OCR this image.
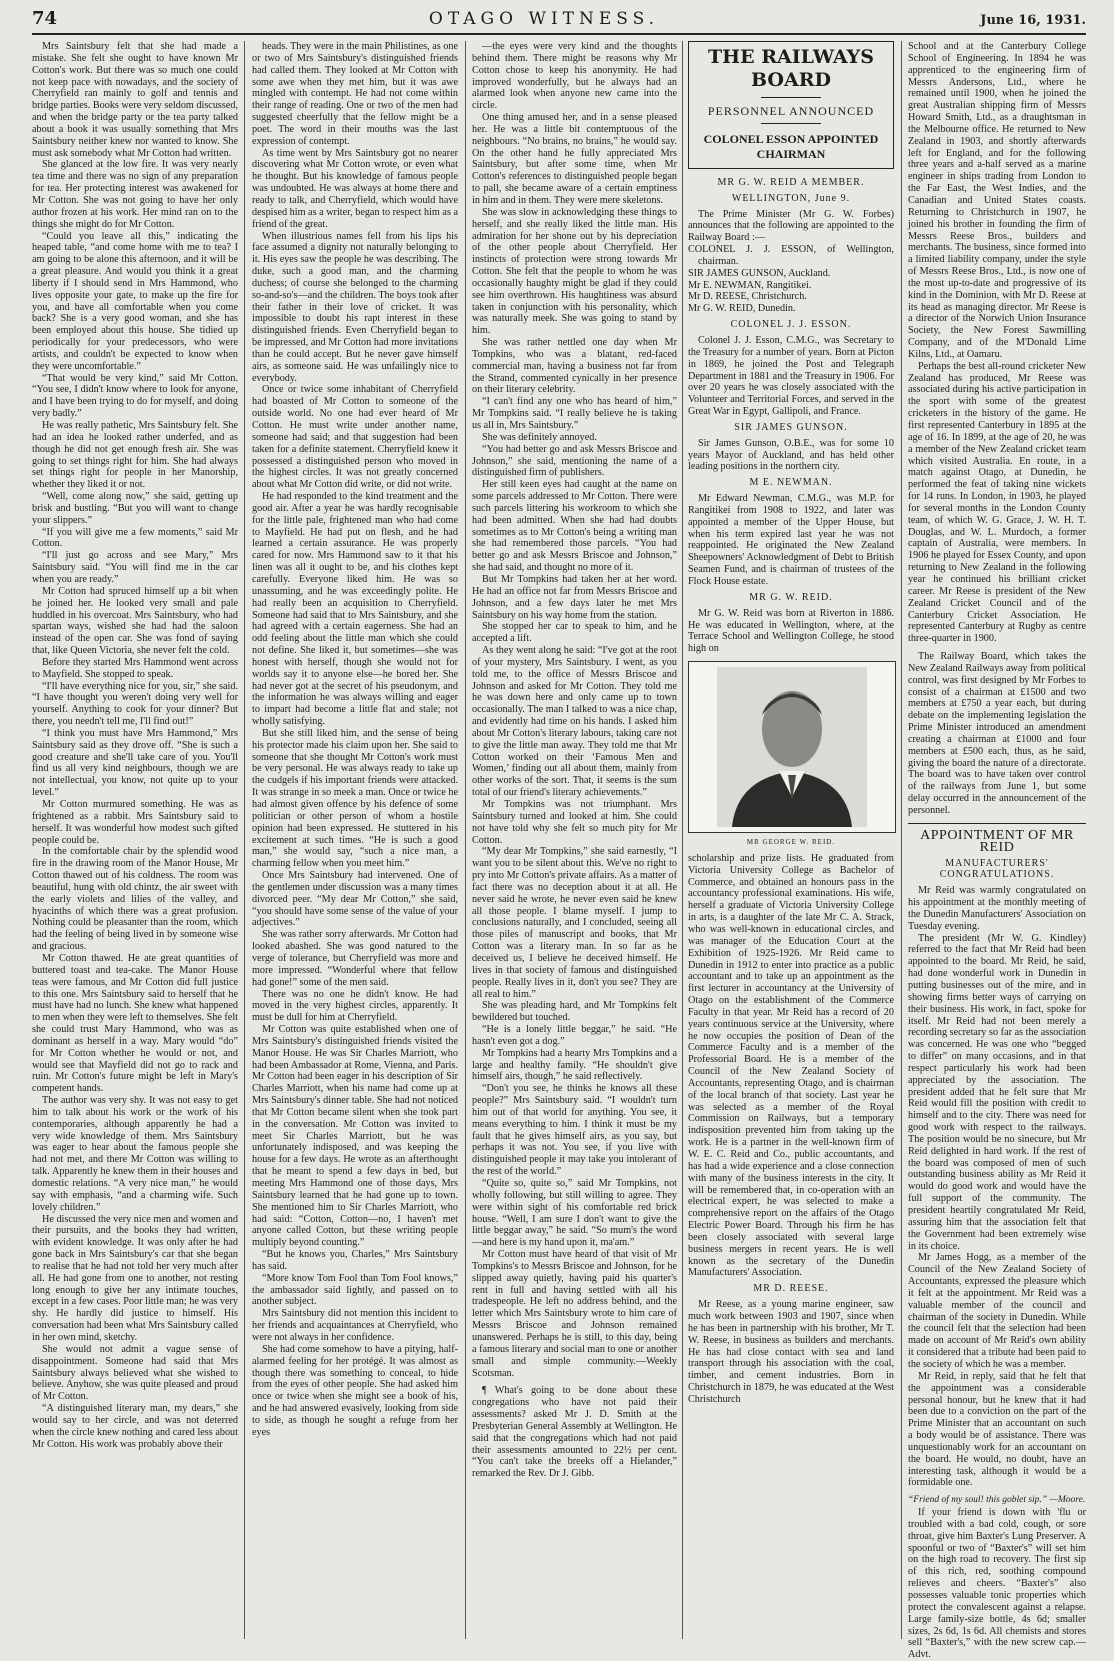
74	OTAGO WITNESS.	June 16, 1931.

Mrs Saintsbury felt that she had made a mistake. She felt she ought to have known Mr Cotton's work. But there was so much one could not keep pace with nowadays, and the society of Cherryfield ran mainly to golf and tennis and bridge parties. Books were very seldom discussed, and when the bridge party or the tea party talked about a book it was usually something that Mrs Saintsbury neither knew nor wanted to know. She must ask somebody what Mr Cotton had written.

She glanced at the low fire. It was very nearly tea time and there was no sign of any preparation for tea. Her protecting interest was awakened for Mr Cotton. She was not going to have her only author frozen at his work. Her mind ran on to the things she might do for Mr Cotton.

“Could you leave all this,” indicating the heaped table, “and come home with me to tea? I am going to be alone this afternoon, and it will be a great pleasure. And would you think it a great liberty if I should send in Mrs Hammond, who lives opposite your gate, to make up the fire for you, and have all comfortable when you come back? She is a very good woman, and she has been employed about this house. She tidied up periodically for your predecessors, who were artists, and couldn't be expected to know when they were uncomfortable.”

“That would be very kind,” said Mr Cotton. “You see, I didn't know where to look for anyone, and I have been trying to do for myself, and doing very badly.”

He was really pathetic, Mrs Saintsbury felt. She had an idea he looked rather underfed, and as though he did not get enough fresh air. She was going to set things right for him. She had always set things right for people in her Manorship, whether they liked it or not.

“Well, come along now,” she said, getting up brisk and bustling. “But you will want to change your slippers.”

“If you will give me a few moments,” said Mr Cotton.

“I'll just go across and see Mary,” Mrs Saintsbury said. “You will find me in the car when you are ready.”

Mr Cotton had spruced himself up a bit when he joined her. He looked very small and pale huddled in his overcoat. Mrs Saintsbury, who had spartan ways, wished she had had the saloon instead of the open car. She was fond of saying that, like Queen Victoria, she never felt the cold.

Before they started Mrs Hammond went across to Mayfield. She stopped to speak.

“I'll have everything nice for you, sir,” she said. “I have thought you weren't doing very well for yourself. Anything to cook for your dinner? But there, you needn't tell me, I'll find out!”

“I think you must have Mrs Hammond,” Mrs Saintsbury said as they drove off. “She is such a good creature and she'll take care of you. You'll find us all very kind neighbours, though we are not intellectual, you know, not quite up to your level.”

Mr Cotton murmured something. He was as frightened as a rabbit. Mrs Saintsbury said to herself. It was wonderful how modest such gifted people could be.

In the comfortable chair by the splendid wood fire in the drawing room of the Manor House, Mr Cotton thawed out of his coldness. The room was beautiful, hung with old chintz, the air sweet with the early violets and lilies of the valley, and hyacinths of which there was a great profusion. Nothing could be pleasanter than the room, which had the feeling of being lived in by someone wise and gracious.

Mr Cotton thawed. He ate great quantities of buttered toast and tea-cake. The Manor House teas were famous, and Mr Cotton did full justice to this one. Mrs Saintsbury said to herself that he must have had no lunch. She knew what happened to men when they were left to themselves. She felt she could trust Mary Hammond, who was as dominant as herself in a way. Mary would “do” for Mr Cotton whether he would or not, and would see that Mayfield did not go to rack and ruin. Mr Cotton's future might be left in Mary's competent hands.

The author was very shy. It was not easy to get him to talk about his work or the work of his contemporaries, although apparently he had a very wide knowledge of them. Mrs Saintsbury was eager to hear about the famous people she had not met, and there Mr Cotton was willing to talk. Apparently he knew them in their houses and domestic relations. “A very nice man,” he would say with emphasis, “and a charming wife. Such lovely children.”

He discussed the very nice men and women and their pursuits, and the books they had written, with evident knowledge. It was only after he had gone back in Mrs Saintsbury's car that she began to realise that he had not told her very much after all. He had gone from one to another, not resting long enough to give her any intimate touches, except in a few cases. Poor little man; he was very shy. He hardly did justice to himself. His conversation had been what Mrs Saintsbury called in her own mind, sketchy.

She would not admit a vague sense of disappointment. Someone had said that Mrs Saintsbury always believed what she wished to believe. Anyhow, she was quite pleased and proud of Mr Cotton.

“A distinguished literary man, my dears,” she would say to her circle, and was not deterred when the circle knew nothing and cared less about Mr Cotton. His work was probably above their

heads. They were in the main Philistines, as one or two of Mrs Saintsbury's distinguished friends had called them. They looked at Mr Cotton with some awe when they met him, but it was awe mingled with contempt. He had not come within their range of reading. One or two of the men had suggested cheerfully that the fellow might be a poet. The word in their mouths was the last expression of contempt.

As time went by Mrs Saintsbury got no nearer discovering what Mr Cotton wrote, or even what he thought. But his knowledge of famous people was undoubted. He was always at home there and ready to talk, and Cherryfield, which would have despised him as a writer, began to respect him as a friend of the great.

When illustrious names fell from his lips his face assumed a dignity not naturally belonging to it. His eyes saw the people he was describing. The duke, such a good man, and the charming duchess; of course she belonged to the charming so-and-so's—and the children. The boys took after their father in their love of cricket. It was impossible to doubt his rapt interest in these distinguished friends. Even Cherryfield began to be impressed, and Mr Cotton had more invitations than he could accept. But he never gave himself airs, as someone said. He was unfailingly nice to everybody.

Once or twice some inhabitant of Cherryfield had boasted of Mr Cotton to someone of the outside world. No one had ever heard of Mr Cotton. He must write under another name, someone had said; and that suggestion had been taken for a definite statement. Cherryfield knew it possessed a distinguished person who moved in the highest circles. It was not greatly concerned about what Mr Cotton did write, or did not write.

He had responded to the kind treatment and the good air. After a year he was hardly recognisable for the little pale, frightened man who had come to Mayfield. He had put on flesh, and he had learned a certain assurance. He was properly cared for now. Mrs Hammond saw to it that his linen was all it ought to be, and his clothes kept carefully. Everyone liked him. He was so unassuming, and he was exceedingly polite. He had really been an acquisition to Cherryfield. Someone had said that to Mrs Saintsbury, and she had agreed with a certain eagerness. She had an odd feeling about the little man which she could not define. She liked it, but sometimes—she was honest with herself, though she would not for worlds say it to anyone else—he bored her. She had never got at the secret of his pseudonym, and the information he was always willing and eager to impart had become a little flat and stale; not wholly satisfying.

But she still liked him, and the sense of being his protector made his claim upon her. She said to someone that she thought Mr Cotton's work must be very personal. He was always ready to take up the cudgels if his important friends were attacked. It was strange in so meek a man. Once or twice he had almost given offence by his defence of some politician or other person of whom a hostile opinion had been expressed. He stuttered in his excitement at such times. “He is such a good man,” she would say, “such a nice man, a charming fellow when you meet him.”

Once Mrs Saintsbury had intervened. One of the gentlemen under discussion was a many times divorced peer. “My dear Mr Cotton,” she said, “you should have some sense of the value of your adjectives.”

She was rather sorry afterwards. Mr Cotton had looked abashed. She was good natured to the verge of tolerance, but Cherryfield was more and more impressed. “Wonderful where that fellow had gone!” some of the men said.

There was no one he didn't know. He had moved in the very highest circles, apparently. It must be dull for him at Cherryfield.

Mr Cotton was quite established when one of Mrs Saintsbury's distinguished friends visited the Manor House. He was Sir Charles Marriott, who had been Ambassador at Rome, Vienna, and Paris. Mr Cotton had been eager in his description of Sir Charles Marriott, when his name had come up at Mrs Saintsbury's dinner table. She had not noticed that Mr Cotton became silent when she took part in the conversation. Mr Cotton was invited to meet Sir Charles Marriott, but he was unfortunately indisposed, and was keeping the house for a few days. He wrote as an afterthought that he meant to spend a few days in bed, but meeting Mrs Hammond one of those days, Mrs Saintsbury learned that he had gone up to town. She mentioned him to Sir Charles Marriott, who had said: “Cotton, Cotton—no, I haven't met anyone called Cotton, but these writing people multiply beyond counting.”

“But he knows you, Charles,” Mrs Saintsbury has said.

“More know Tom Fool than Tom Fool knows,” the ambassador said lightly, and passed on to another subject.

Mrs Saintsbury did not mention this incident to her friends and acquaintances at Cherryfield, who were not always in her confidence.

She had come somehow to have a pitying, half-alarmed feeling for her protégé. It was almost as though there was something to conceal, to hide from the eyes of other people. She had asked him once or twice when she might see a book of his, and he had answered evasively, looking from side to side, as though he sought a refuge from her eyes

—the eyes were very kind and the thoughts behind them. There might be reasons why Mr Cotton chose to keep his anonymity. He had improved wonderfully, but he always had an alarmed look when anyone new came into the circle.

One thing amused her, and in a sense pleased her. He was a little bit contemptuous of the neighbours. “No brains, no brains,” he would say. On the other hand he fully appreciated Mrs Saintsbury, but after some time, when Mr Cotton's references to distinguished people began to pall, she became aware of a certain emptiness in him and in them. They were mere skeletons.

She was slow in acknowledging these things to herself, and she really liked the little man. His admiration for her shone out by his depreciation of the other people about Cherryfield. Her instincts of protection were strong towards Mr Cotton. She felt that the people to whom he was occasionally haughty might be glad if they could see him overthrown. His haughtiness was absurd taken in conjunction with his personality, which was naturally meek. She was going to stand by him.

She was rather nettled one day when Mr Tompkins, who was a blatant, red-faced commercial man, having a business not far from the Strand, commented cynically in her presence on their literary celebrity.

“I can't find any one who has heard of him,” Mr Tompkins said. “I really believe he is taking us all in, Mrs Saintsbury.”

She was definitely annoyed.

“You had better go and ask Messrs Briscoe and Johnson,” she said, mentioning the name of a distinguished firm of publishers.

Her still keen eyes had caught at the name on some parcels addressed to Mr Cotton. There were such parcels littering his workroom to which she had been admitted. When she had had doubts sometimes as to Mr Cotton's being a writing man she had remembered those parcels. “You had better go and ask Messrs Briscoe and Johnson,” she had said, and thought no more of it.

But Mr Tompkins had taken her at her word. He had an office not far from Messrs Briscoe and Johnson, and a few days later he met Mrs Saintsbury on his way home from the station.

She stopped her car to speak to him, and he accepted a lift.

As they went along he said: “I've got at the root of your mystery, Mrs Saintsbury. I went, as you told me, to the office of Messrs Briscoe and Johnson and asked for Mr Cotton. They told me he was down here and only came up to town occasionally. The man I talked to was a nice chap, and evidently had time on his hands. I asked him about Mr Cotton's literary labours, taking care not to give the little man away. They told me that Mr Cotton worked on their ‘Famous Men and Women,’ finding out all about them, mainly from other works of the sort. That, it seems is the sum total of our friend's literary achievements.”

Mr Tompkins was not triumphant. Mrs Saintsbury turned and looked at him. She could not have told why she felt so much pity for Mr Cotton.

“My dear Mr Tompkins,” she said earnestly, “I want you to be silent about this. We've no right to pry into Mr Cotton's private affairs. As a matter of fact there was no deception about it at all. He never said he wrote, he never even said he knew all those people. I blame myself. I jump to conclusions naturally, and I concluded, seeing all those piles of manuscript and books, that Mr Cotton was a literary man. In so far as he deceived us, I believe he deceived himself. He lives in that society of famous and distinguished people. Really lives in it, don't you see? They are all real to him.”

She was pleading hard, and Mr Tompkins felt bewildered but touched.

“He is a lonely little beggar,” he said. “He hasn't even got a dog.”

Mr Tompkins had a hearty Mrs Tompkins and a large and healthy family. “He shouldn't give himself airs, though,” he said reflectively.

“Don't you see, he thinks he knows all these people?” Mrs Saintsbury said. “I wouldn't turn him out of that world for anything. You see, it means everything to him. I think it must be my fault that he gives himself airs, as you say, but perhaps it was not. You see, if you live with distinguished people it may take you intolerant of the rest of the world.”

“Quite so, quite so,” said Mr Tompkins, not wholly following, but still willing to agree. They were within sight of his comfortable red brick house. “Well, I am sure I don't want to give the little beggar away,” he said. “So mum's the word—and here is my hand upon it, ma'am.”

Mr Cotton must have heard of that visit of Mr Tompkins's to Messrs Briscoe and Johnson, for he slipped away quietly, having paid his quarter's rent in full and having settled with all his tradespeople. He left no address behind, and the letter which Mrs Saintsbury wrote to him care of Messrs Briscoe and Johnson remained unanswered. Perhaps he is still, to this day, being a famous literary and social man to one or another small and simple community.—Weekly Scotsman.

¶ What's going to be done about these congregations who have not paid their assessments? asked Mr J. D. Smith at the Presbyterian General Assembly at Wellington. He said that the congregations which had not paid their assessments amounted to 22½ per cent. “You can't take the breeks off a Hielander,” remarked the Rev. Dr J. Gibb.

THE RAILWAYS BOARD
PERSONNEL ANNOUNCED
COLONEL ESSON APPOINTED CHAIRMAN

MR G. W. REID A MEMBER.

WELLINGTON, June 9.

The Prime Minister (Mr G. W. Forbes) announces that the following are appointed to the Railway Board :—

COLONEL J. J. ESSON, of Wellington, chairman.

SIR JAMES GUNSON, Auckland.

Mr E. NEWMAN, Rangitikei.

Mr D. REESE, Christchurch.

Mr G. W. REID, Dunedin.

COLONEL J. J. ESSON.

Colonel J. J. Esson, C.M.G., was Secretary to the Treasury for a number of years. Born at Picton in 1869, he joined the Post and Telegraph Department in 1881 and the Treasury in 1906. For over 20 years he was closely associated with the Volunteer and Territorial Forces, and served in the Great War in Egypt, Gallipoli, and France.

SIR JAMES GUNSON.

Sir James Gunson, O.B.E., was for some 10 years Mayor of Auckland, and has held other leading positions in the northern city.

M E. NEWMAN.

Mr Edward Newman, C.M.G., was M.P. for Rangitikei from 1908 to 1922, and later was appointed a member of the Upper House, but when his term expired last year he was not reappointed. He originated the New Zealand Sheepowners' Acknowledgment of Debt to British Seamen Fund, and is chairman of trustees of the Flock House estate.

MR G. W. REID.

Mr G. W. Reid was born at Riverton in 1886. He was educated in Wellington, where, at the Terrace School and Wellington College, he stood high on

MR GEORGE W. REID.

scholarship and prize lists. He graduated from Victoria University College as Bachelor of Commerce, and obtained an honours pass in the accountancy professional examinations. His wife, herself a graduate of Victoria University College in arts, is a daughter of the late Mr C. A. Strack, who was well-known in educational circles, and was manager of the Education Court at the Exhibition of 1925-1926. Mr Reid came to Dunedin in 1912 to enter into practice as a public accountant and to take up an appointment as the first lecturer in accountancy at the University of Otago on the establishment of the Commerce Faculty in that year. Mr Reid has a record of 20 years continuous service at the University, where he now occupies the position of Dean of the Commerce Faculty and is a member of the Professorial Board. He is a member of the Council of the New Zealand Society of Accountants, representing Otago, and is chairman of the local branch of that society. Last year he was selected as a member of the Royal Commission on Railways, but a temporary indisposition prevented him from taking up the work. He is a partner in the well-known firm of W. E. C. Reid and Co., public accountants, and has had a wide experience and a close connection with many of the business interests in the city. It will be remembered that, in co-operation with an electrical expert, he was selected to make a comprehensive report on the affairs of the Otago Electric Power Board. Through his firm he has been closely associated with several large business mergers in recent years. He is well known as the secretary of the Dunedin Manufacturers' Association.

MR D. REESE.

Mr Reese, as a young marine engineer, saw much work between 1903 and 1907, since when he has been in partnership with his brother, Mr T. W. Reese, in business as builders and merchants. He has had close contact with sea and land transport through his association with the coal, timber, and cement industries. Born in Christchurch in 1879, he was educated at the West Christchurch

School and at the Canterbury College School of Engineering. In 1894 he was apprenticed to the engineering firm of Messrs Andersons, Ltd., where he remained until 1900, when he joined the great Australian shipping firm of Messrs Howard Smith, Ltd., as a draughtsman in the Melbourne office. He returned to New Zealand in 1903, and shortly afterwards left for England, and for the following three years and a-half served as a marine engineer in ships trading from London to the Far East, the West Indies, and the Canadian and United States coasts. Returning to Christchurch in 1907, he joined his brother in founding the firm of Messrs Reese Bros., builders and merchants. The business, since formed into a limited liability company, under the style of Messrs Reese Bros., Ltd., is now one of the most up-to-date and progressive of its kind in the Dominion, with Mr D. Reese at its head as managing director. Mr Reese is a director of the Norwich Union Insurance Society, the New Forest Sawmilling Company, and of the M'Donald Lime Kilns, Ltd., at Oamaru.

Perhaps the best all-round cricketer New Zealand has produced, Mr Reese was associated during his active participation in the sport with some of the greatest cricketers in the history of the game. He first represented Canterbury in 1895 at the age of 16. In 1899, at the age of 20, he was a member of the New Zealand cricket team which visited Australia. En route, in a match against Otago, at Dunedin, he performed the feat of taking nine wickets for 14 runs. In London, in 1903, he played for several months in the London County team, of which W. G. Grace, J. W. H. T. Douglas, and W. L. Murdoch, a former captain of Australia, were members. In 1906 he played for Essex County, and upon returning to New Zealand in the following year he continued his brilliant cricket career. Mr Reese is president of the New Zealand Cricket Council and of the Canterbury Cricket Association. He represented Canterbury at Rugby as centre three-quarter in 1900.

The Railway Board, which takes the New Zealand Railways away from political control, was first designed by Mr Forbes to consist of a chairman at £1500 and two members at £750 a year each, but during debate on the implementing legislation the Prime Minister introduced an amendment creating a chairman at £1000 and four members at £500 each, thus, as he said, giving the board the nature of a directorate. The board was to have taken over control of the railways from June 1, but some delay occurred in the announcement of the personnel.

APPOINTMENT OF MR REID

MANUFACTURERS' CONGRATULATIONS.

Mr Reid was warmly congratulated on his appointment at the monthly meeting of the Dunedin Manufacturers' Association on Tuesday evening.

The president (Mr W. G. Kindley) referred to the fact that Mr Reid had been appointed to the board. Mr Reid, he said, had done wonderful work in Dunedin in putting businesses out of the mire, and in showing firms better ways of carrying on their business. His work, in fact, spoke for itself. Mr Reid had not been merely a recording secretary so far as the association was concerned. He was one who “begged to differ” on many occasions, and in that respect particularly his work had been appreciated by the association. The president added that he felt sure that Mr Reid would fill the position with credit to himself and to the city. There was need for good work with respect to the railways. The position would be no sinecure, but Mr Reid delighted in hard work. If the rest of the board was composed of men of such outstanding business ability as Mr Reid it would do good work and would have the full support of the community. The president heartily congratulated Mr Reid, assuring him that the association felt that the Government had been extremely wise in its choice.

Mr James Hogg, as a member of the Council of the New Zealand Society of Accountants, expressed the pleasure which it felt at the appointment. Mr Reid was a valuable member of the council and chairman of the society in Dunedin. While the council felt that the selection had been made on account of Mr Reid's own ability it considered that a tribute had been paid to the society of which he was a member.

Mr Reid, in reply, said that he felt that the appointment was a considerable personal honour, but he knew that it had been due to a conviction on the part of the Prime Minister that an accountant on such a body would be of assistance. There was unquestionably work for an accountant on the board. He would, no doubt, have an interesting task, although it would be a formidable one.

“Friend of my soul! this goblet sip.” —Moore.

If your friend is down with 'flu or troubled with a bad cold, cough, or sore throat, give him Baxter's Lung Preserver. A spoonful or two of “Baxter's” will set him on the high road to recovery. The first sip of this rich, red, soothing compound relieves and cheers. “Baxter's” also possesses valuable tonic properties which protect the convalescent against a relapse. Large family-size bottle, 4s 6d; smaller sizes, 2s 6d, 1s 6d. All chemists and stores sell “Baxter's,” with the new screw cap.—Advt.
